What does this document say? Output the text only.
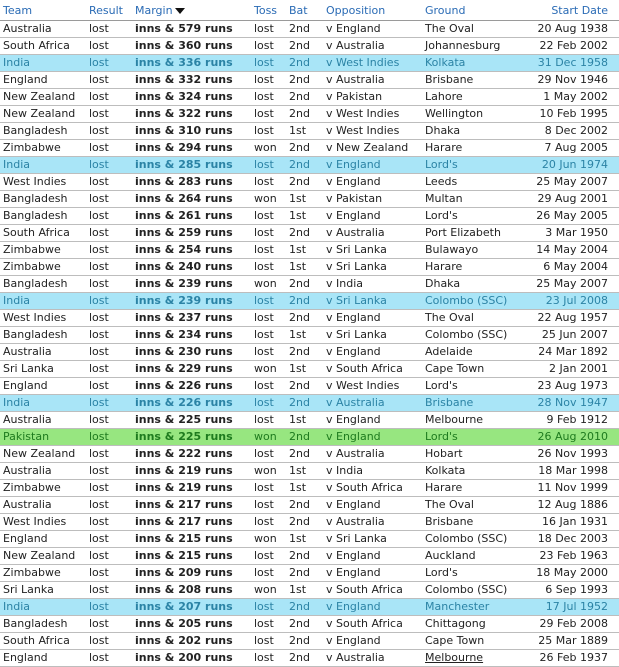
Team	Result	Margin	Toss	Bat	Opposition	Ground	Start Date
Australia	lost	inns & 579 runs	lost	2nd	v England	The Oval	20 Aug 1938
South Africa	lost	inns & 360 runs	lost	2nd	v Australia	Johannesburg	22 Feb 2002
India	lost	inns & 336 runs	lost	2nd	v West Indies	Kolkata	31 Dec 1958
England	lost	inns & 332 runs	lost	2nd	v Australia	Brisbane	29 Nov 1946
New Zealand	lost	inns & 324 runs	lost	2nd	v Pakistan	Lahore	1 May 2002
New Zealand	lost	inns & 322 runs	lost	2nd	v West Indies	Wellington	10 Feb 1995
Bangladesh	lost	inns & 310 runs	lost	1st	v West Indies	Dhaka	8 Dec 2002
Zimbabwe	lost	inns & 294 runs	won	2nd	v New Zealand	Harare	7 Aug 2005
India	lost	inns & 285 runs	lost	2nd	v England	Lord's	20 Jun 1974
West Indies	lost	inns & 283 runs	lost	2nd	v England	Leeds	25 May 2007
Bangladesh	lost	inns & 264 runs	won	1st	v Pakistan	Multan	29 Aug 2001
Bangladesh	lost	inns & 261 runs	lost	1st	v England	Lord's	26 May 2005
South Africa	lost	inns & 259 runs	lost	2nd	v Australia	Port Elizabeth	3 Mar 1950
Zimbabwe	lost	inns & 254 runs	lost	1st	v Sri Lanka	Bulawayo	14 May 2004
Zimbabwe	lost	inns & 240 runs	lost	1st	v Sri Lanka	Harare	6 May 2004
Bangladesh	lost	inns & 239 runs	won	2nd	v India	Dhaka	25 May 2007
India	lost	inns & 239 runs	lost	2nd	v Sri Lanka	Colombo (SSC)	23 Jul 2008
West Indies	lost	inns & 237 runs	lost	2nd	v England	The Oval	22 Aug 1957
Bangladesh	lost	inns & 234 runs	lost	1st	v Sri Lanka	Colombo (SSC)	25 Jun 2007
Australia	lost	inns & 230 runs	lost	2nd	v England	Adelaide	24 Mar 1892
Sri Lanka	lost	inns & 229 runs	won	1st	v South Africa	Cape Town	2 Jan 2001
England	lost	inns & 226 runs	lost	2nd	v West Indies	Lord's	23 Aug 1973
India	lost	inns & 226 runs	lost	2nd	v Australia	Brisbane	28 Nov 1947
Australia	lost	inns & 225 runs	lost	1st	v England	Melbourne	9 Feb 1912
Pakistan	lost	inns & 225 runs	won	2nd	v England	Lord's	26 Aug 2010
New Zealand	lost	inns & 222 runs	lost	2nd	v Australia	Hobart	26 Nov 1993
Australia	lost	inns & 219 runs	won	1st	v India	Kolkata	18 Mar 1998
Zimbabwe	lost	inns & 219 runs	lost	1st	v South Africa	Harare	11 Nov 1999
Australia	lost	inns & 217 runs	lost	2nd	v England	The Oval	12 Aug 1886
West Indies	lost	inns & 217 runs	lost	2nd	v Australia	Brisbane	16 Jan 1931
England	lost	inns & 215 runs	won	1st	v Sri Lanka	Colombo (SSC)	18 Dec 2003
New Zealand	lost	inns & 215 runs	lost	2nd	v England	Auckland	23 Feb 1963
Zimbabwe	lost	inns & 209 runs	lost	2nd	v England	Lord's	18 May 2000
Sri Lanka	lost	inns & 208 runs	won	1st	v South Africa	Colombo (SSC)	6 Sep 1993
India	lost	inns & 207 runs	lost	2nd	v England	Manchester	17 Jul 1952
Bangladesh	lost	inns & 205 runs	lost	2nd	v South Africa	Chittagong	29 Feb 2008
South Africa	lost	inns & 202 runs	lost	2nd	v England	Cape Town	25 Mar 1889
England	lost	inns & 200 runs	lost	2nd	v Australia	Melbourne	26 Feb 1937
